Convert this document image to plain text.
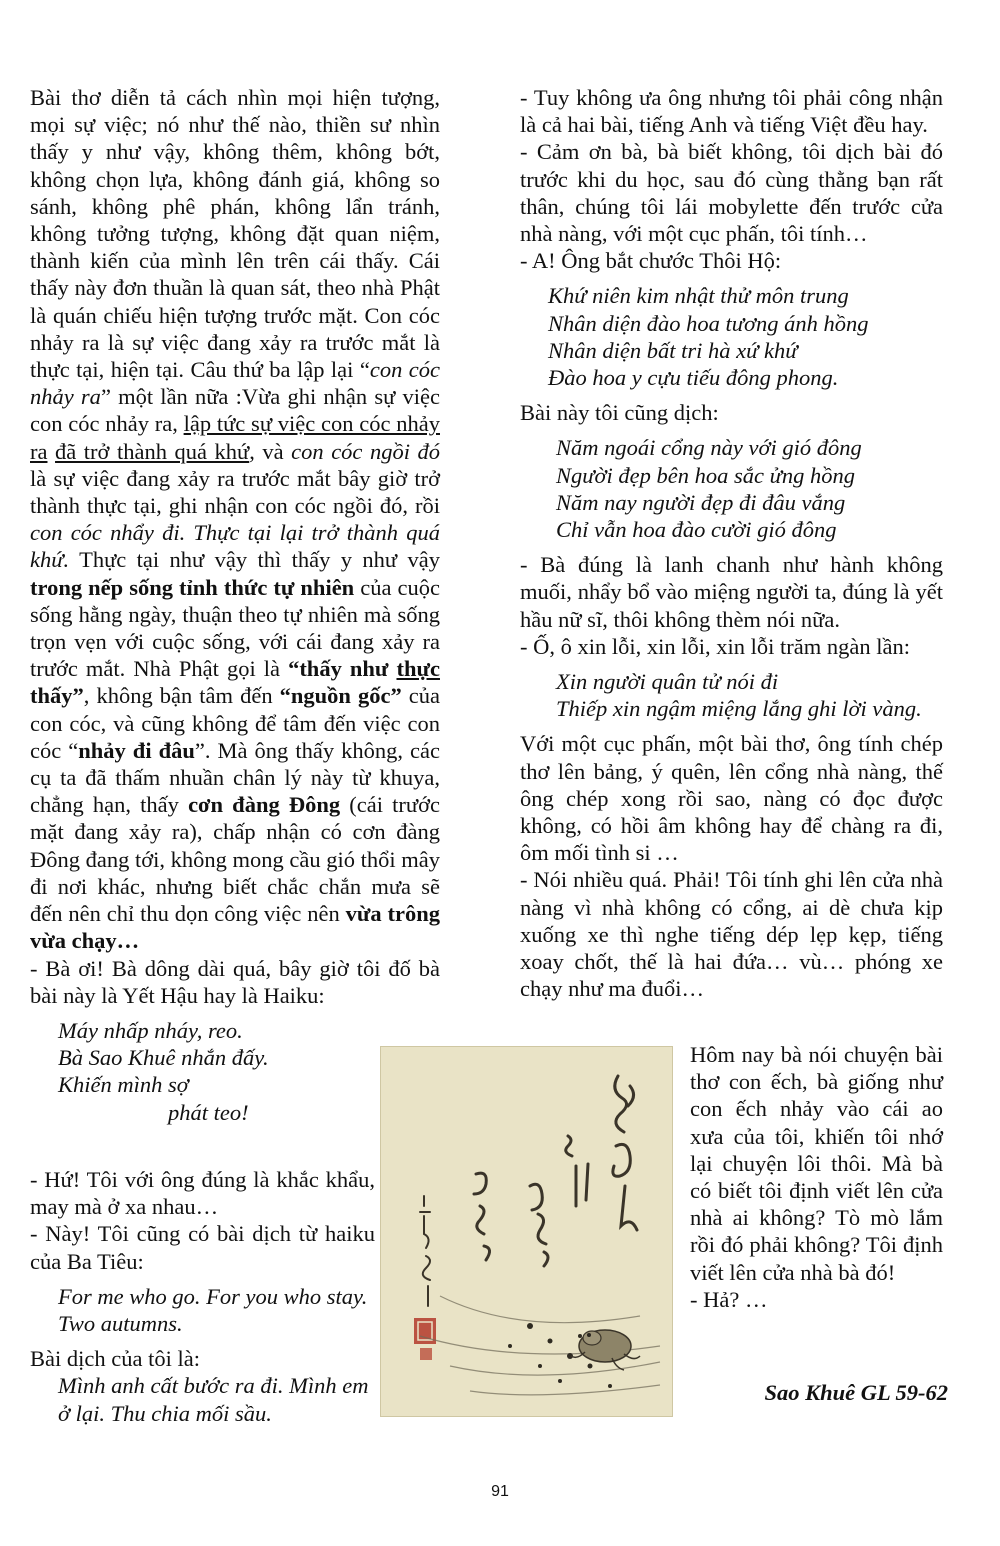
Bài thơ diễn tả cách nhìn mọi hiện tượng, mọi sự việc; nó như thế nào, thiền sư nhìn thấy y như vậy, không thêm, không bớt, không chọn lựa, không đánh giá, không so sánh, không phê phán, không lẩn tránh, không tưởng tượng, không đặt quan niệm, thành kiến của mình lên trên cái thấy. Cái thấy này đơn thuần là quan sát, theo nhà Phật là quán chiếu hiện tượng trước mặt. Con cóc nhảy ra là sự việc đang xảy ra trước mắt là thực tại, hiện tại. Câu thứ ba lập lại “con cóc nhảy ra” một lần nữa :Vừa ghi nhận sự việc con cóc nhảy ra, lập tức sự việc con cóc nhảy ra đã trở thành quá khứ, và con cóc ngồi đó là sự việc đang xảy ra trước mắt bây giờ trở thành thực tại, ghi nhận con cóc ngồi đó, rồi con cóc nhẩy đi. Thực tại lại trở thành quá khứ. Thực tại như vậy thì thấy y như vậy trong nếp sống tỉnh thức tự nhiên của cuộc sống hằng ngày, thuận theo tự nhiên mà sống trọn vẹn với cuộc sống, với cái đang xảy ra trước mắt. Nhà Phật gọi là “thấy như thực thấy”, không bận tâm đến “nguồn gốc” của con cóc, và cũng không để tâm đến việc con cóc “nhảy đi đâu”. Mà ông thấy không, các cụ ta đã thấm nhuần chân lý này từ khuya, chẳng hạn, thấy cơn đàng Đông (cái trước mặt đang xảy ra), chấp nhận có cơn đàng Đông đang tới, không mong cầu gió thổi mây đi nơi khác, nhưng biết chắc chắn mưa sẽ đến nên chỉ thu dọn công việc nên vừa trông vừa chạy…

- Bà ơi! Bà dông dài quá, bây giờ tôi đố bà bài này là Yết Hậu hay là Haiku:

Máy nhấp nháy, reo.
Bà Sao Khuê nhắn đấy.
Khiến mình sợ
phát teo!

- Hứ! Tôi với ông đúng là khắc khẩu, may mà ở xa nhau…

- Này! Tôi cũng có bài dịch từ haiku của Ba Tiêu:

For me who go. For you who stay. Two autumns.

Bài dịch của tôi là:

Mình anh cất bước ra đi. Mình em ở lại. Thu chia mối sầu.

- Tuy không ưa ông nhưng tôi phải công nhận là cả hai bài, tiếng Anh và tiếng Việt đều hay.

- Cảm ơn bà, bà biết không, tôi dịch bài đó trước khi du học, sau đó cùng thằng bạn rất thân, chúng tôi lái mobylette đến trước cửa nhà nàng, với một cục phấn, tôi tính…

- A! Ông bắt chước Thôi Hộ:

Khứ niên kim nhật thử môn trung
Nhân diện đào hoa tương ánh hồng
Nhân diện bất tri hà xứ khứ
Đào hoa y cựu tiếu đông phong.

Bài này tôi cũng dịch:

Năm ngoái cổng này với gió đông
Người đẹp bên hoa sắc ửng hồng
Năm nay người đẹp đi đâu vắng
Chỉ vẫn hoa đào cười gió đông

- Bà đúng là lanh chanh như hành không muối, nhẩy bổ vào miệng người ta, đúng là yết hầu nữ sĩ, thôi không thèm nói nữa.

- Ố, ô xin lỗi, xin lỗi, xin lỗi trăm ngàn lần:

Xin người quân tử nói đi
Thiếp xin ngậm miệng lắng ghi lời vàng.

Với một cục phấn, một bài thơ, ông tính chép thơ lên bảng, ý quên, lên cổng nhà nàng, thế ông chép xong rồi sao, nàng có đọc được không, có hồi âm không hay để chàng ra đi, ôm mối tình si …

- Nói nhiều quá. Phải! Tôi tính ghi lên cửa nhà nàng vì nhà không có cổng, ai dè chưa kịp xuống xe thì nghe tiếng dép lẹp kẹp, tiếng xoay chốt, thế là hai đứa… vù… phóng xe chạy như ma đuổi…

Hôm nay bà nói chuyện bài thơ con ếch, bà giống như con ếch nhảy vào cái ao xưa của tôi, khiến tôi nhớ lại chuyện lôi thôi. Mà bà có biết tôi định viết lên cửa nhà ai không? Tò mò lắm rồi đó phải không? Tôi định viết lên cửa nhà bà đó!

- Hả? …

Sao Khuê GL 59-62
91
